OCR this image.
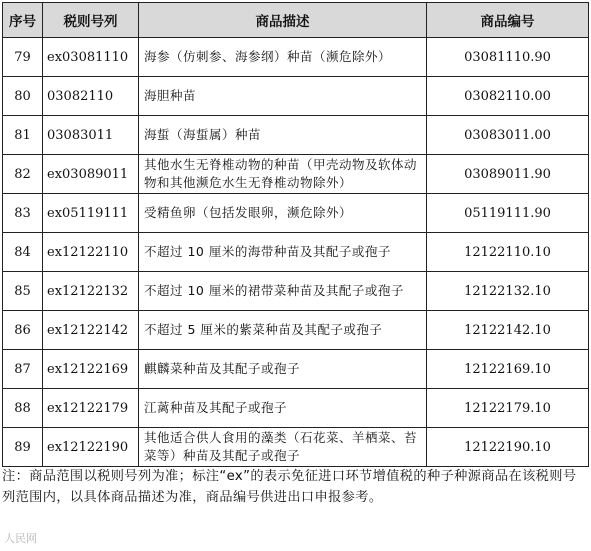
序号	税则号列	商品描述	商品编号
79	ex03081110	海参（仿刺参、海参纲）种苗（濒危除外）	03081110.90
80	03082110	海胆种苗	03082110.00
81	03083011	海蜇（海蜇属）种苗	03083011.00
82	ex03089011	其他水生无脊椎动物的种苗（甲壳动物及软体动物和其他濒危水生无脊椎动物除外）	03089011.90
83	ex05119111	受精鱼卵（包括发眼卵，濒危除外）	05119111.90
84	ex12122110	不超过 10 厘米的海带种苗及其配子或孢子	12122110.10
85	ex12122132	不超过 10 厘米的裙带菜种苗及其配子或孢子	12122132.10
86	ex12122142	不超过 5 厘米的紫菜种苗及其配子或孢子	12122142.10
87	ex12122169	麒麟菜种苗及其配子或孢子	12122169.10
88	ex12122179	江蓠种苗及其配子或孢子	12122179.10
89	ex12122190	其他适合供人食用的藻类（石花菜、羊栖菜、苔菜等）种苗及其配子或孢子	12122190.10
注：商品范围以税则号列为准；标注“ex”的表示免征进口环节增值税的种子种源商品在该税则号列范围内，以具体商品描述为准，商品编号供进出口申报参考。
人民网
